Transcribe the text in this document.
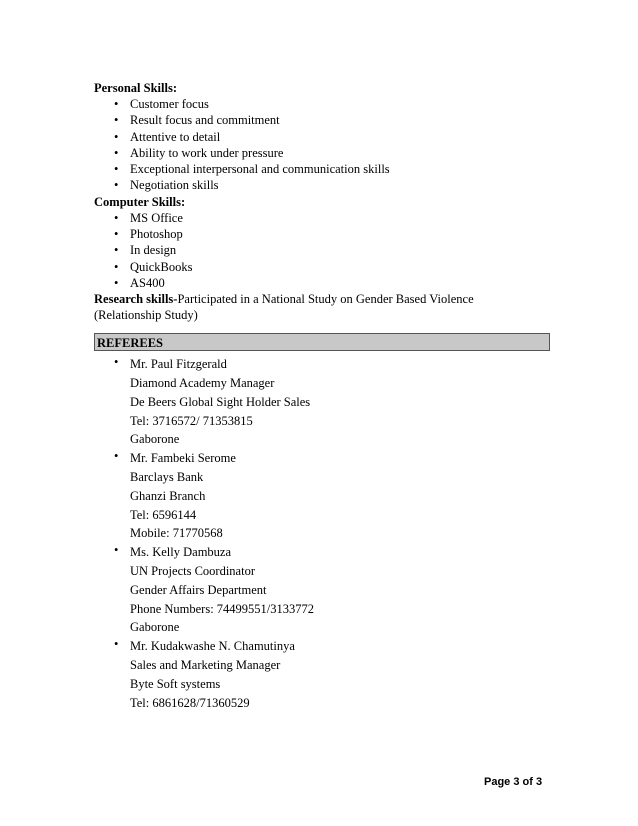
Personal Skills:
• Customer focus
• Result focus and commitment
• Attentive to detail
• Ability to work under pressure
• Exceptional interpersonal and communication skills
• Negotiation skills
Computer Skills:
• MS Office
• Photoshop
• In design
• QuickBooks
• AS400
Research skills-Participated in a National Study on Gender Based Violence
(Relationship Study)
REFEREES
• Mr. Paul Fitzgerald
Diamond Academy Manager
De Beers Global Sight Holder Sales
Tel: 3716572/ 71353815
Gaborone
• Mr. Fambeki Serome
Barclays Bank
Ghanzi Branch
Tel: 6596144
Mobile: 71770568
• Ms. Kelly Dambuza
UN Projects Coordinator
Gender Affairs Department
Phone Numbers: 74499551/3133772
Gaborone
• Mr. Kudakwashe N. Chamutinya
Sales and Marketing Manager
Byte Soft systems
Tel: 6861628/71360529
Page 3 of 3
